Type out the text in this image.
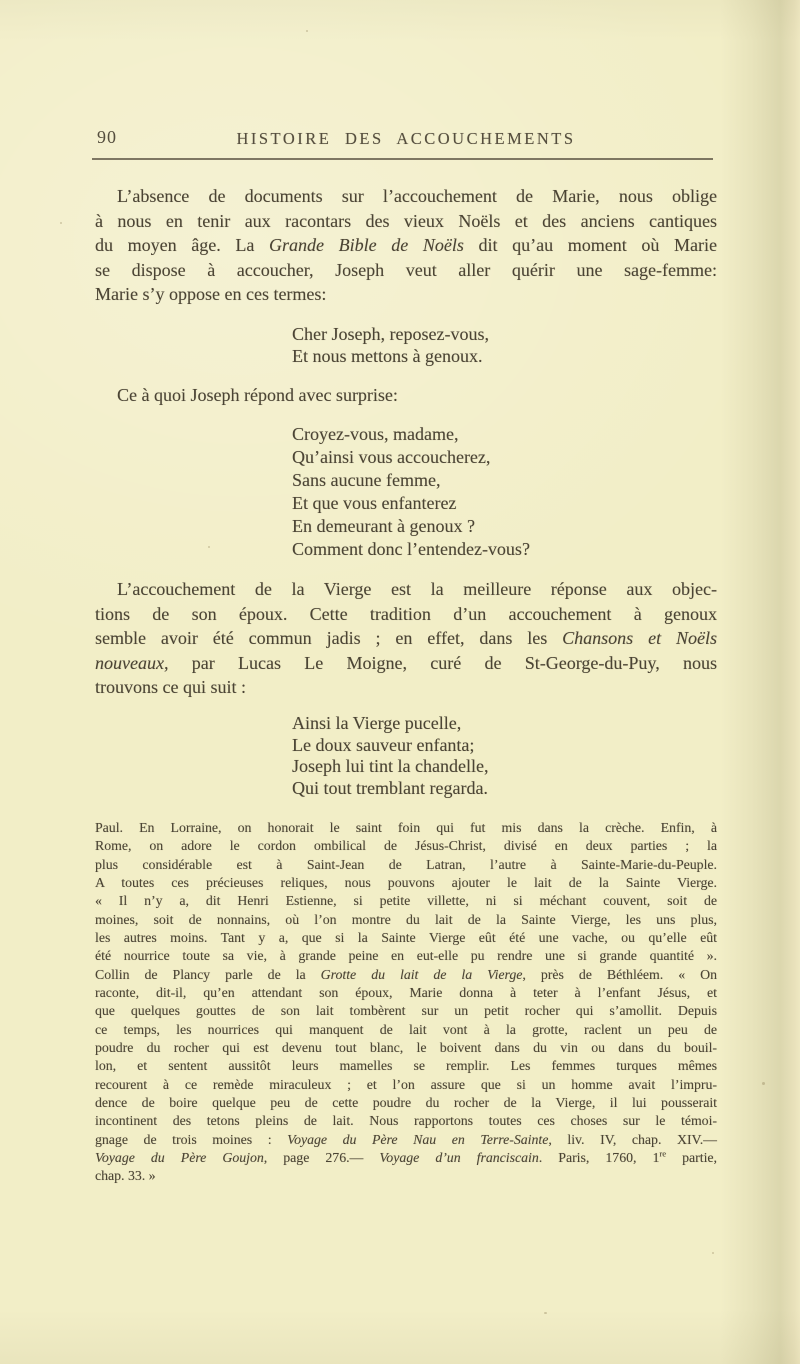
90	HISTOIRE DES ACCOUCHEMENTS
L’absence de documents sur l’accouchement de Marie, nous oblige
à nous en tenir aux racontars des vieux Noëls et des anciens cantiques
du moyen âge. La Grande Bible de Noëls dit qu’au moment où Marie
se dispose à accoucher, Joseph veut aller quérir une sage-femme:
Marie s’y oppose en ces termes:
Cher Joseph, reposez-vous,
Et nous mettons à genoux.
Ce à quoi Joseph répond avec surprise:
Croyez-vous, madame,
Qu’ainsi vous accoucherez,
Sans aucune femme,
Et que vous enfanterez
En demeurant à genoux ?
Comment donc l’entendez-vous?
L’accouchement de la Vierge est la meilleure réponse aux objec-
tions de son époux. Cette tradition d’un accouchement à genoux
semble avoir été commun jadis ; en effet, dans les Chansons et Noëls
nouveaux, par Lucas Le Moigne, curé de St-George-du-Puy, nous
trouvons ce qui suit :
Ainsi la Vierge pucelle,
Le doux sauveur enfanta;
Joseph lui tint la chandelle,
Qui tout tremblant regarda.
Paul. En Lorraine, on honorait le saint foin qui fut mis dans la crèche. Enfin, à
Rome, on adore le cordon ombilical de Jésus-Christ, divisé en deux parties ; la
plus considérable est à Saint-Jean de Latran, l’autre à Sainte-Marie-du-Peuple.
A toutes ces précieuses reliques, nous pouvons ajouter le lait de la Sainte Vierge.
« Il n’y a, dit Henri Estienne, si petite villette, ni si méchant couvent, soit de
moines, soit de nonnains, où l’on montre du lait de la Sainte Vierge, les uns plus,
les autres moins. Tant y a, que si la Sainte Vierge eût été une vache, ou qu’elle eût
été nourrice toute sa vie, à grande peine en eut-elle pu rendre une si grande quantité ».
Collin de Plancy parle de la Grotte du lait de la Vierge, près de Béthléem. « On
raconte, dit-il, qu’en attendant son époux, Marie donna à teter à l’enfant Jésus, et
que quelques gouttes de son lait tombèrent sur un petit rocher qui s’amollit. Depuis
ce temps, les nourrices qui manquent de lait vont à la grotte, raclent un peu de
poudre du rocher qui est devenu tout blanc, le boivent dans du vin ou dans du bouil-
lon, et sentent aussitôt leurs mamelles se remplir. Les femmes turques mêmes
recourent à ce remède miraculeux ; et l’on assure que si un homme avait l’impru-
dence de boire quelque peu de cette poudre du rocher de la Vierge, il lui pousserait
incontinent des tetons pleins de lait. Nous rapportons toutes ces choses sur le témoi-
gnage de trois moines : Voyage du Père Nau en Terre-Sainte, liv. IV, chap. XIV.—
Voyage du Père Goujon, page 276.— Voyage d’un franciscain. Paris, 1760, 1re partie,
chap. 33. »
